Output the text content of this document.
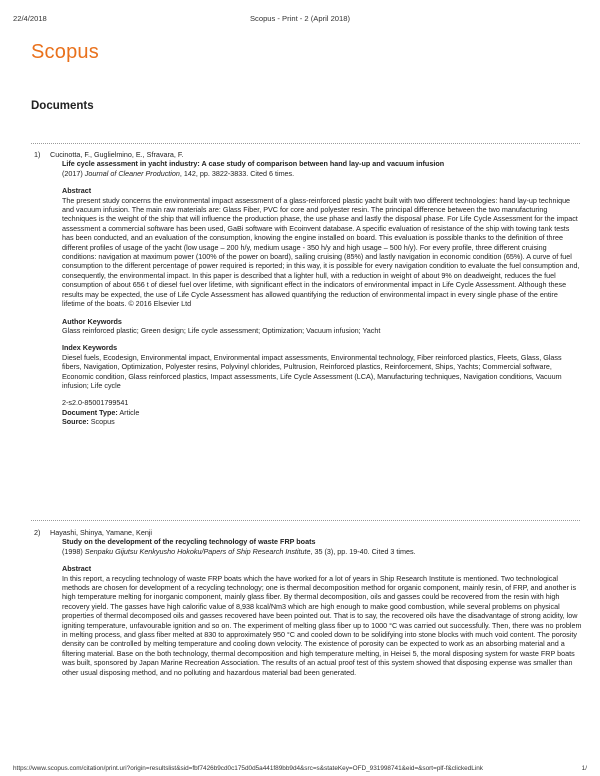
22/4/2018	Scopus - Print - 2 (April 2018)
Scopus
Documents
1) Cucinotta, F., Guglielmino, E., Sfravara, F.

Life cycle assessment in yacht industry: A case study of comparison between hand lay-up and vacuum infusion

(2017) Journal of Cleaner Production, 142, pp. 3822-3833. Cited 6 times.

Abstract

The present study concerns the environmental impact assessment of a glass-reinforced plastic yacht built with two different technologies: hand lay-up technique and vacuum infusion. The main raw materials are: Glass Fiber, PVC for core and polyester resin. The principal difference between the two manufacturing techniques is the weight of the ship that will influence the production phase, the use phase and lastly the disposal phase. For Life Cycle Assessment for the impact assessment a commercial software has been used, GaBi software with Ecoinvent database. A specific evaluation of resistance of the ship with towing tank tests has been conducted, and an evaluation of the consumption, knowing the engine installed on board. This evaluation is possible thanks to the definition of three different profiles of usage of the yacht (low usage – 200 h/y, medium usage - 350 h/y and high usage – 500 h/y). For every profile, three different cruising conditions: navigation at maximum power (100% of the power on board), sailing cruising (85%) and lastly navigation in economic condition (65%). A curve of fuel consumption to the different percentage of power required is reported; in this way, it is possible for every navigation condition to evaluate the fuel consumption and, consequently, the environmental impact. In this paper is described that a lighter hull, with a reduction in weight of about 9% on deadweight, reduces the fuel consumption of about 656 t of diesel fuel over lifetime, with significant effect in the indicators of environmental impact in Life Cycle Assessment. Although these results may be expected, the use of Life Cycle Assessment has allowed quantifying the reduction of environmental impact in every single phase of the entire lifetime of the boats. © 2016 Elsevier Ltd

Author Keywords

Glass reinforced plastic; Green design; Life cycle assessment; Optimization; Vacuum infusion; Yacht

Index Keywords

Diesel fuels, Ecodesign, Environmental impact, Environmental impact assessments, Environmental technology, Fiber reinforced plastics, Fleets, Glass, Glass fibers, Navigation, Optimization, Polyester resins, Polyvinyl chlorides, Pultrusion, Reinforced plastics, Reinforcement, Ships, Yachts; Commercial software, Economic condition, Glass reinforced plastics, Impact assessments, Life Cycle Assessment (LCA), Manufacturing techniques, Navigation conditions, Vacuum infusion; Life cycle

2-s2.0-85001799541

Document Type: Article

Source: Scopus

2) Hayashi, Shinya, Yamane, Kenji

Study on the development of the recycling technology of waste FRP boats

(1998) Senpaku Gijutsu Kenkyusho Hokoku/Papers of Ship Research Institute, 35 (3), pp. 19-40. Cited 3 times.

Abstract

In this report, a recycling technology of waste FRP boats which the have worked for a lot of years in Ship Research Institute is mentioned. Two technological methods are chosen for development of a recycling technology; one is thermal decomposition method for organic component, mainly resin, of FRP, and another is high temperature melting for inorganic component, mainly glass fiber. By thermal decomposition, oils and gasses could be recovered from the resin with high recovery yield. The gasses have high calorific value of 8,938 kcal/Nm3 which are high enough to make good combustion, while several problems on physical properties of thermal decomposed oils and gasses recovered have been pointed out. That is to say, the recovered oils have the disadvantage of strong acidity, low igniting temperature, unfavourable ignition and so on. The experiment of melting glass fiber up to 1000 °C was carried out successfully. Then, there was no problem in melting process, and glass fiber melted at 830 to approximately 950 °C and cooled down to be solidifying into stone blocks with much void content. The porosity density can be controlled by melting temperature and cooling down velocity. The existence of porosity can be expected to work as an absorbing material and a filtering material. Base on the both technology, thermal decomposition and high temperature melting, in Heisei 5, the moral disposing system for waste FRP boats was built, sponsored by Japan Marine Recreation Association. The results of an actual proof test of this system showed that disposing expense was smaller than other usual disposing method, and no polluting and hazardous material bad been generated.

https://www.scopus.com/citation/print.uri?origin=resultslist&sid=fbf7426b9cd0c175d0d5a441f89bb9d4&src=s&stateKey=OFD_931998741&eid=&sort=plf-f&clickedLink	1/
